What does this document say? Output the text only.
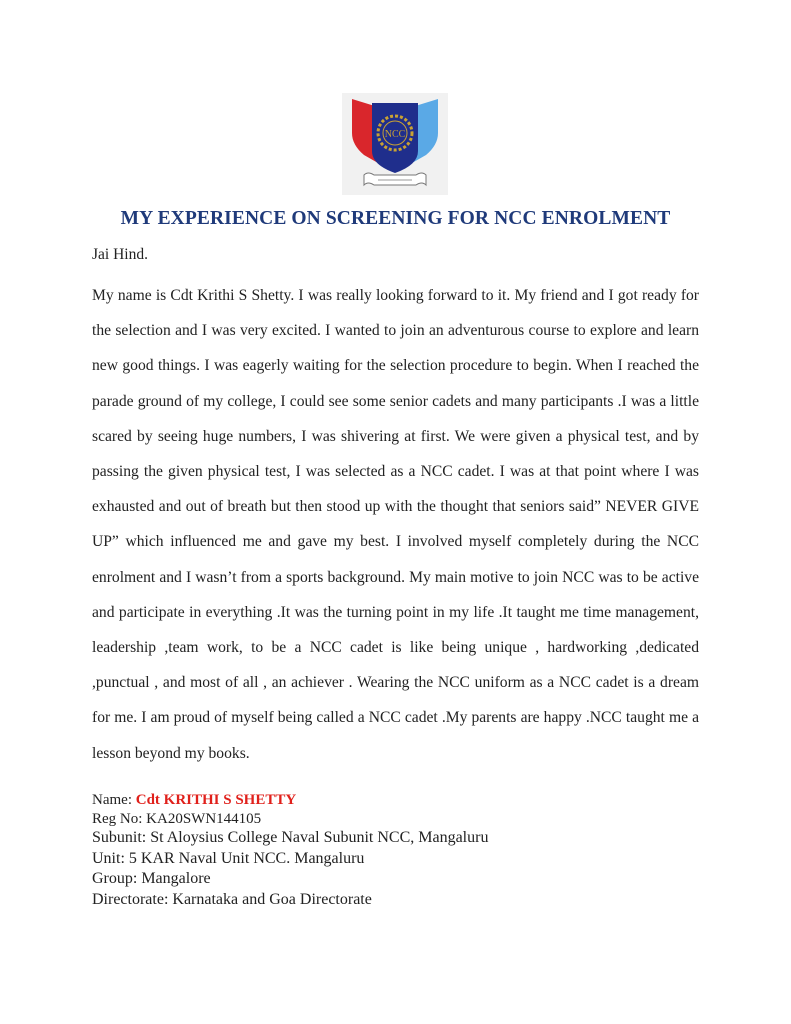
NCC
MY EXPERIENCE ON SCREENING FOR NCC ENROLMENT
Jai Hind.

My name is Cdt Krithi S Shetty. I was really looking forward to it. My friend and I got ready for the selection and I was very excited. I wanted to join an adventurous course to explore and learn new good things. I was eagerly waiting for the selection procedure to begin. When I reached the parade ground of my college, I could see some senior cadets and many participants .I was a little scared by seeing huge numbers, I was shivering at first. We were given a physical test, and by passing the given physical test, I was selected as a NCC cadet. I was at that point where I was exhausted and out of breath but then stood up with the thought that seniors said” NEVER GIVE UP” which influenced me and gave my best. I involved myself completely during the NCC enrolment and I wasn’t from a sports background. My main motive to join NCC was to be active and participate in everything .It was the turning point in my life .It taught me time management, leadership ,team work, to be a NCC cadet is like being unique , hardworking ,dedicated ,punctual , and most of all , an achiever . Wearing the NCC uniform as a NCC cadet is a dream for me. I am proud of myself being called a NCC cadet .My parents are happy .NCC taught me a lesson beyond my books.

Name: Cdt KRITHI S SHETTY
Reg No: KA20SWN144105
Subunit: St Aloysius College Naval Subunit NCC, Mangaluru
Unit: 5 KAR Naval Unit NCC. Mangaluru
Group: Mangalore
Directorate: Karnataka and Goa Directorate
